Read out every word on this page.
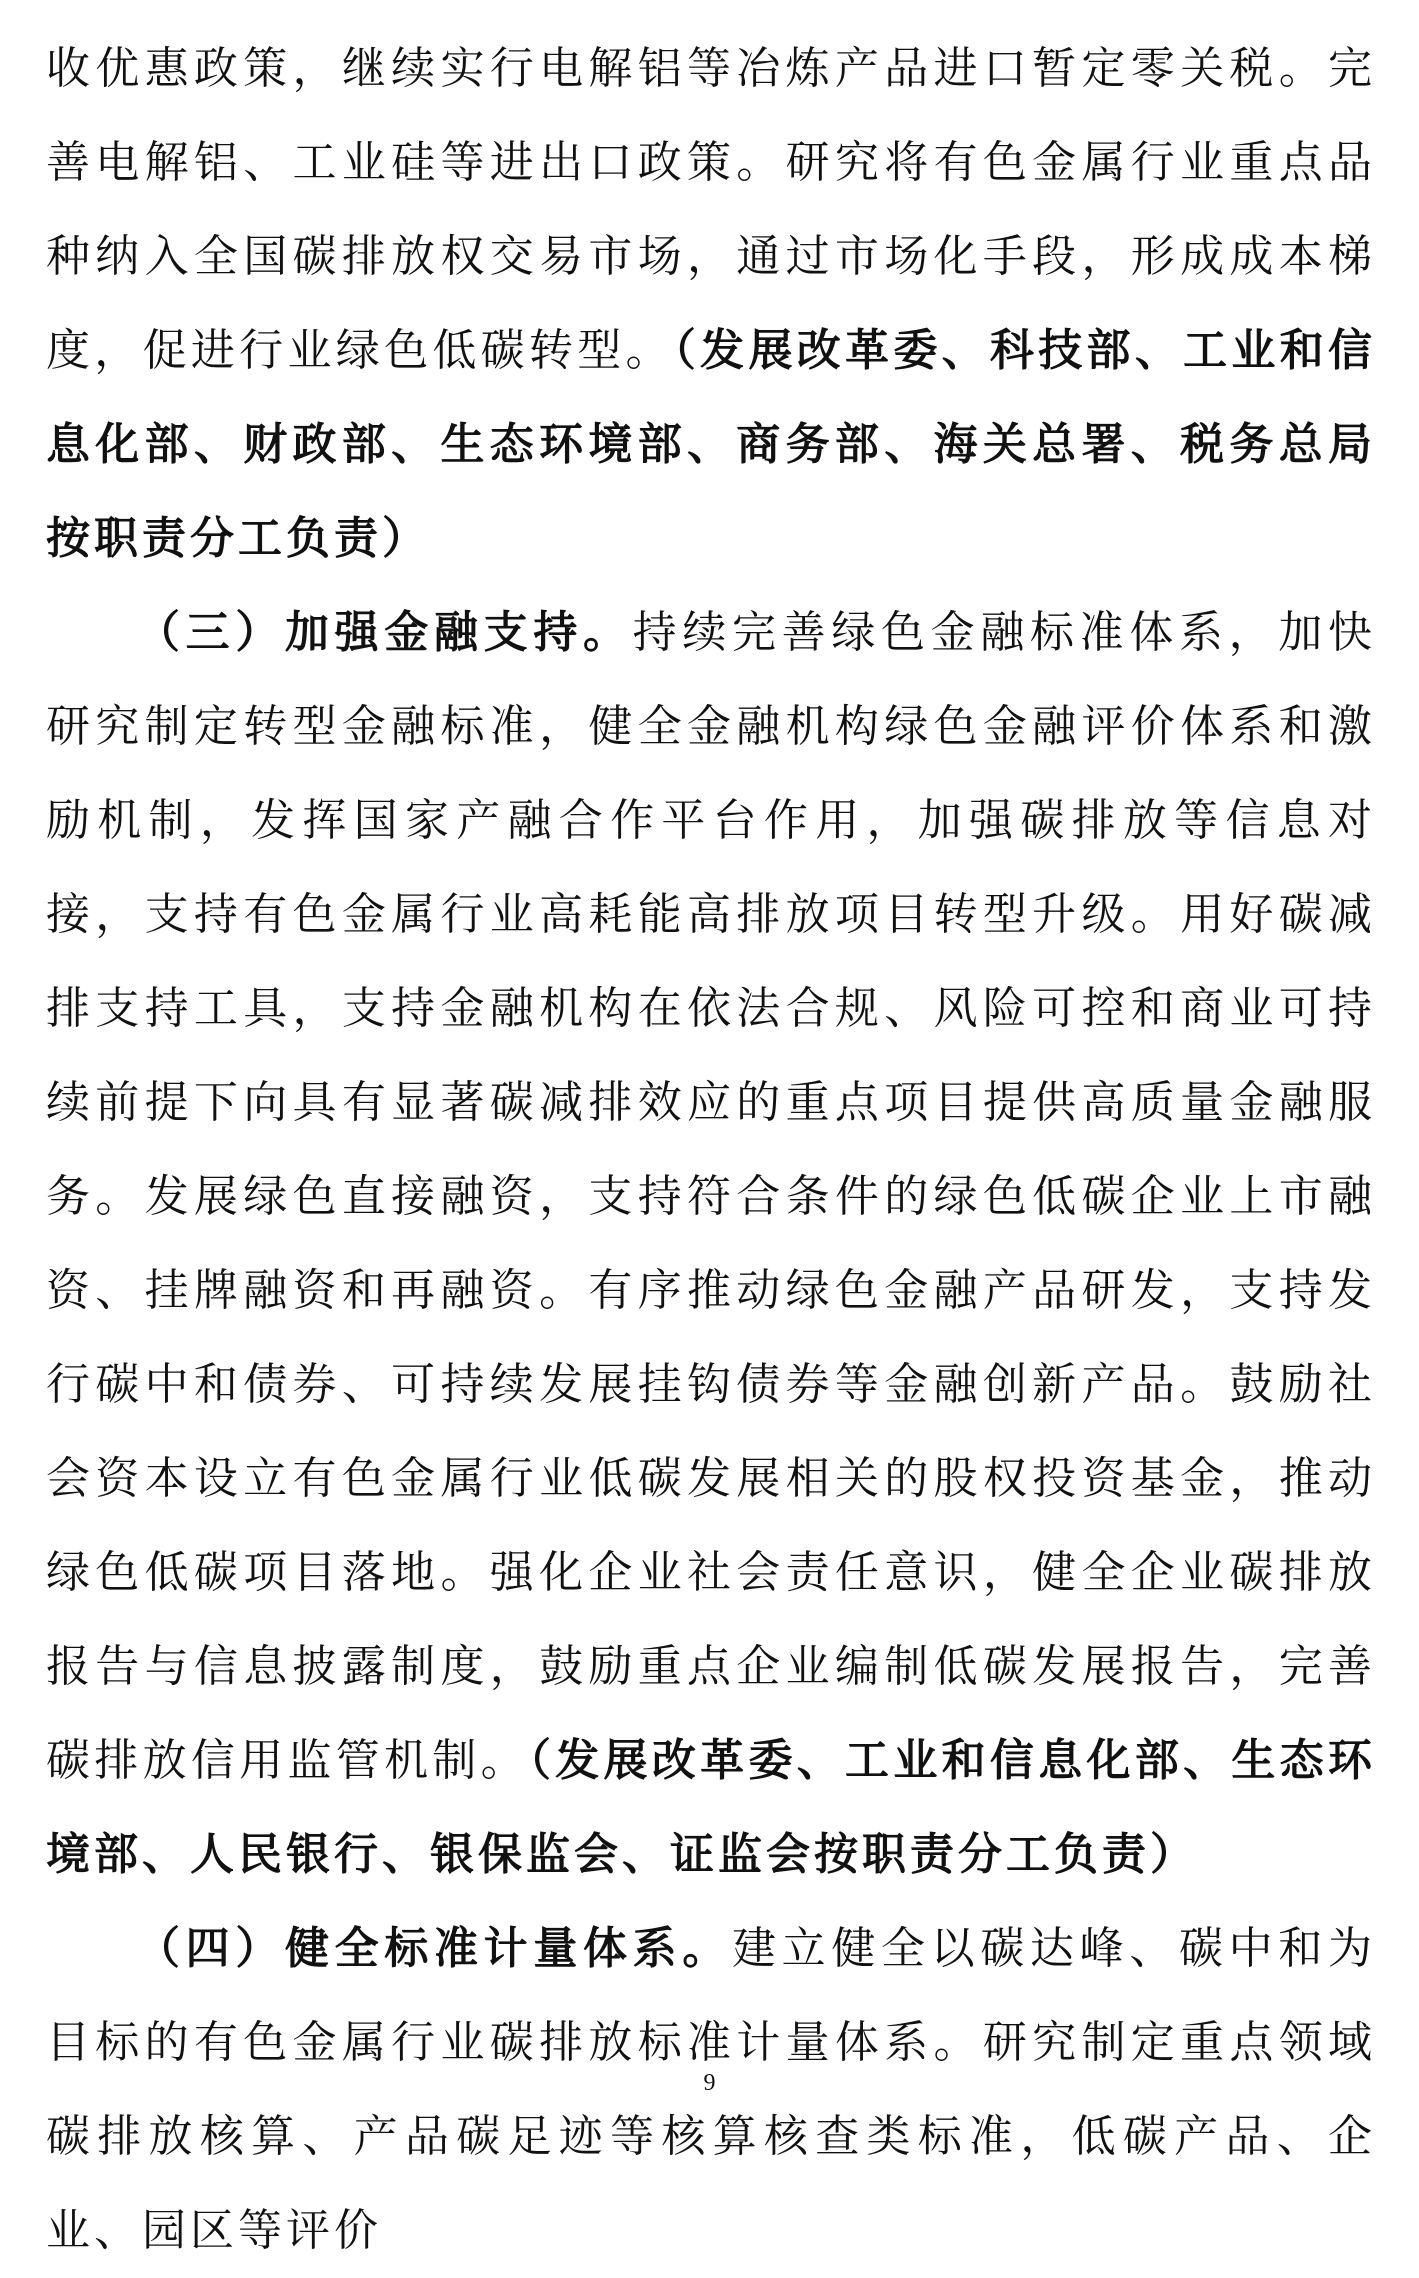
收优惠政策，继续实行电解铝等冶炼产品进口暂定零关税。完善电解铝、工业硅等进出口政策。研究将有色金属行业重点品种纳入全国碳排放权交易市场，通过市场化手段，形成成本梯度，促进行业绿色低碳转型。（发展改革委、科技部、工业和信息化部、财政部、生态环境部、商务部、海关总署、税务总局按职责分工负责）

（三）加强金融支持。持续完善绿色金融标准体系，加快研究制定转型金融标准，健全金融机构绿色金融评价体系和激励机制，发挥国家产融合作平台作用，加强碳排放等信息对接，支持有色金属行业高耗能高排放项目转型升级。用好碳减排支持工具，支持金融机构在依法合规、风险可控和商业可持续前提下向具有显著碳减排效应的重点项目提供高质量金融服务。发展绿色直接融资，支持符合条件的绿色低碳企业上市融资、挂牌融资和再融资。有序推动绿色金融产品研发，支持发行碳中和债券、可持续发展挂钩债券等金融创新产品。鼓励社会资本设立有色金属行业低碳发展相关的股权投资基金，推动绿色低碳项目落地。强化企业社会责任意识，健全企业碳排放报告与信息披露制度，鼓励重点企业编制低碳发展报告，完善碳排放信用监管机制。（发展改革委、工业和信息化部、生态环境部、人民银行、银保监会、证监会按职责分工负责）

（四）健全标准计量体系。建立健全以碳达峰、碳中和为目标的有色金属行业碳排放标准计量体系。研究制定重点领域碳排放核算、产品碳足迹等核算核查类标准，低碳产品、企业、园区等评价

9
